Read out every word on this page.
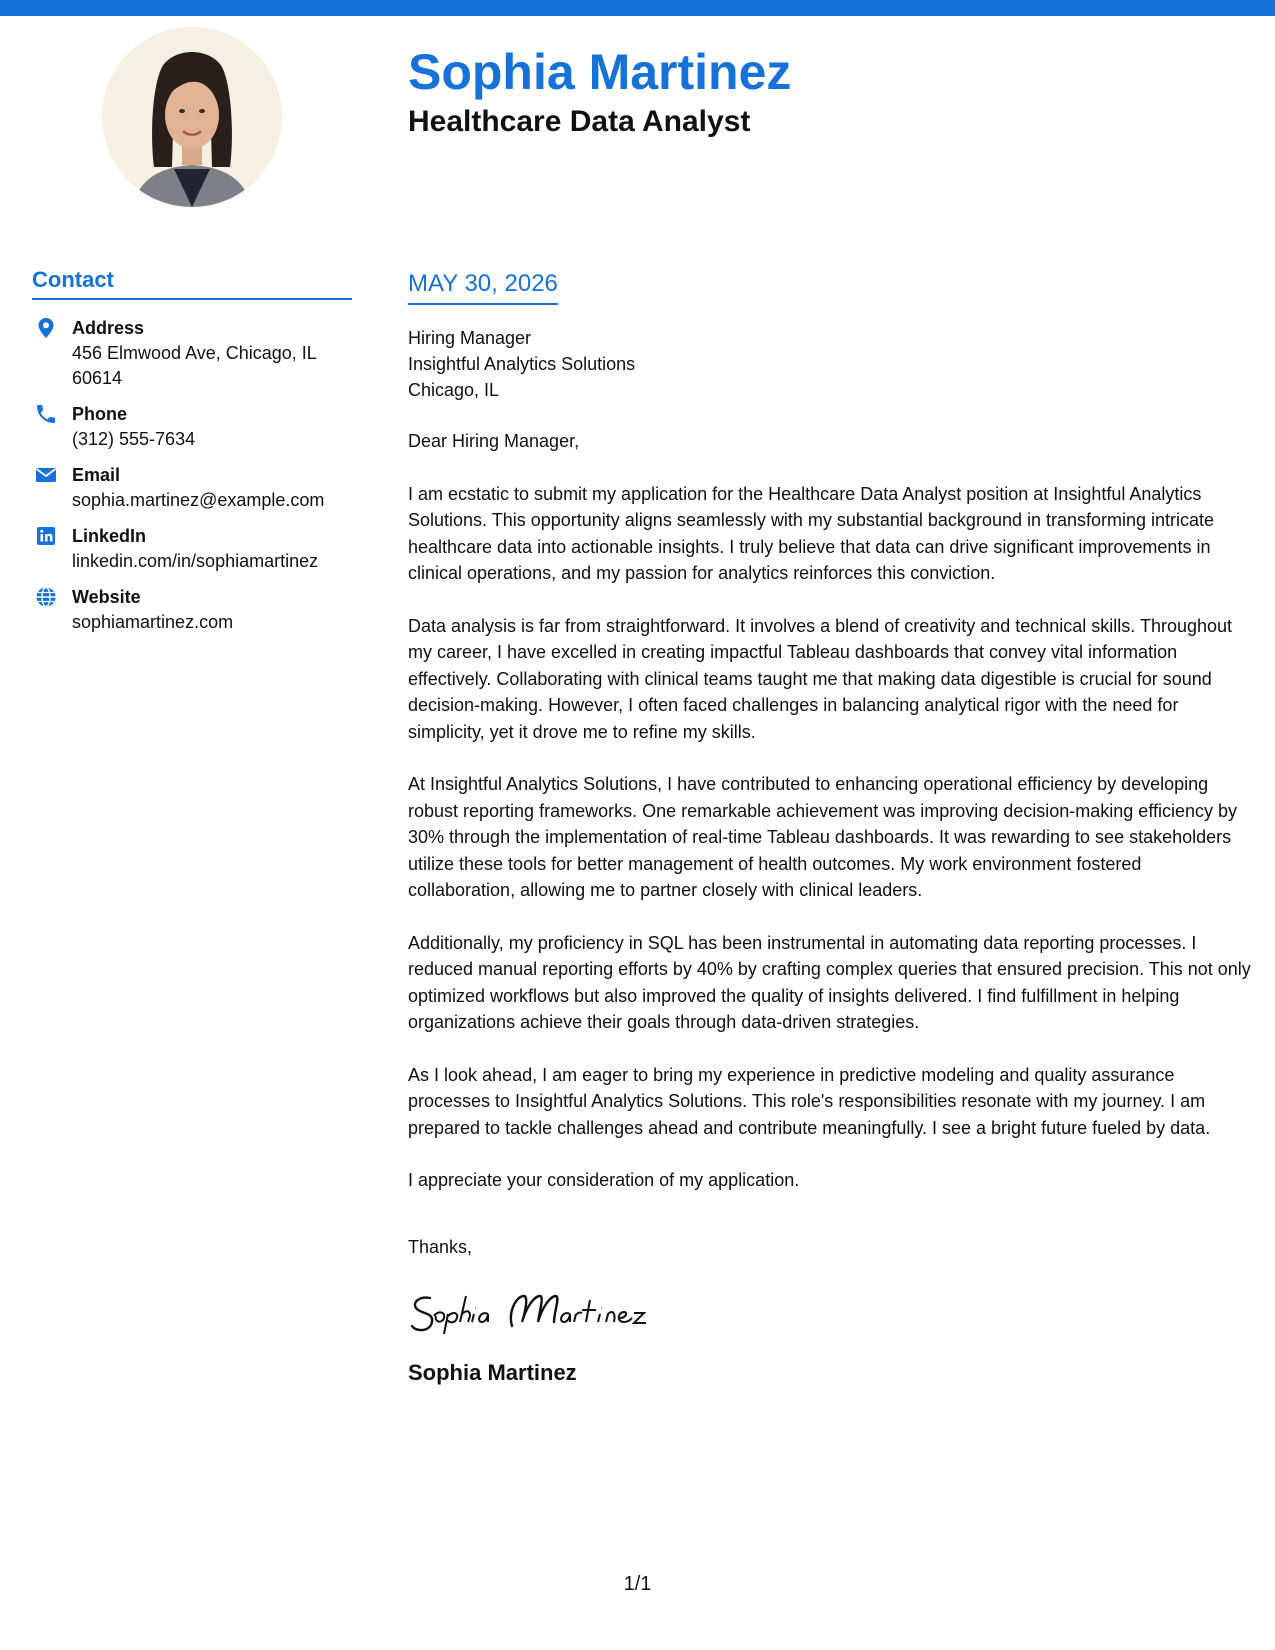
Sophia Martinez
Healthcare Data Analyst
Contact
Address
456 Elmwood Ave, Chicago, IL 60614
Phone
(312) 555-7634
Email
sophia.martinez@example.com
LinkedIn
linkedin.com/in/sophiamartinez
Website
sophiamartinez.com
MAY 30, 2026
Hiring Manager
Insightful Analytics Solutions
Chicago, IL

Dear Hiring Manager,

I am ecstatic to submit my application for the Healthcare Data Analyst position at Insightful Analytics Solutions. This opportunity aligns seamlessly with my substantial background in transforming intricate healthcare data into actionable insights. I truly believe that data can drive significant improvements in clinical operations, and my passion for analytics reinforces this conviction.

Data analysis is far from straightforward. It involves a blend of creativity and technical skills. Throughout my career, I have excelled in creating impactful Tableau dashboards that convey vital information effectively. Collaborating with clinical teams taught me that making data digestible is crucial for sound decision-making. However, I often faced challenges in balancing analytical rigor with the need for simplicity, yet it drove me to refine my skills.

At Insightful Analytics Solutions, I have contributed to enhancing operational efficiency by developing robust reporting frameworks. One remarkable achievement was improving decision-making efficiency by 30% through the implementation of real-time Tableau dashboards. It was rewarding to see stakeholders utilize these tools for better management of health outcomes. My work environment fostered collaboration, allowing me to partner closely with clinical leaders.

Additionally, my proficiency in SQL has been instrumental in automating data reporting processes. I reduced manual reporting efforts by 40% by crafting complex queries that ensured precision. This not only optimized workflows but also improved the quality of insights delivered. I find fulfillment in helping organizations achieve their goals through data-driven strategies.

As I look ahead, I am eager to bring my experience in predictive modeling and quality assurance processes to Insightful Analytics Solutions. This role's responsibilities resonate with my journey. I am prepared to tackle challenges ahead and contribute meaningfully. I see a bright future fueled by data.

I appreciate your consideration of my application.

Thanks,

Sophia Martinez
1/1
